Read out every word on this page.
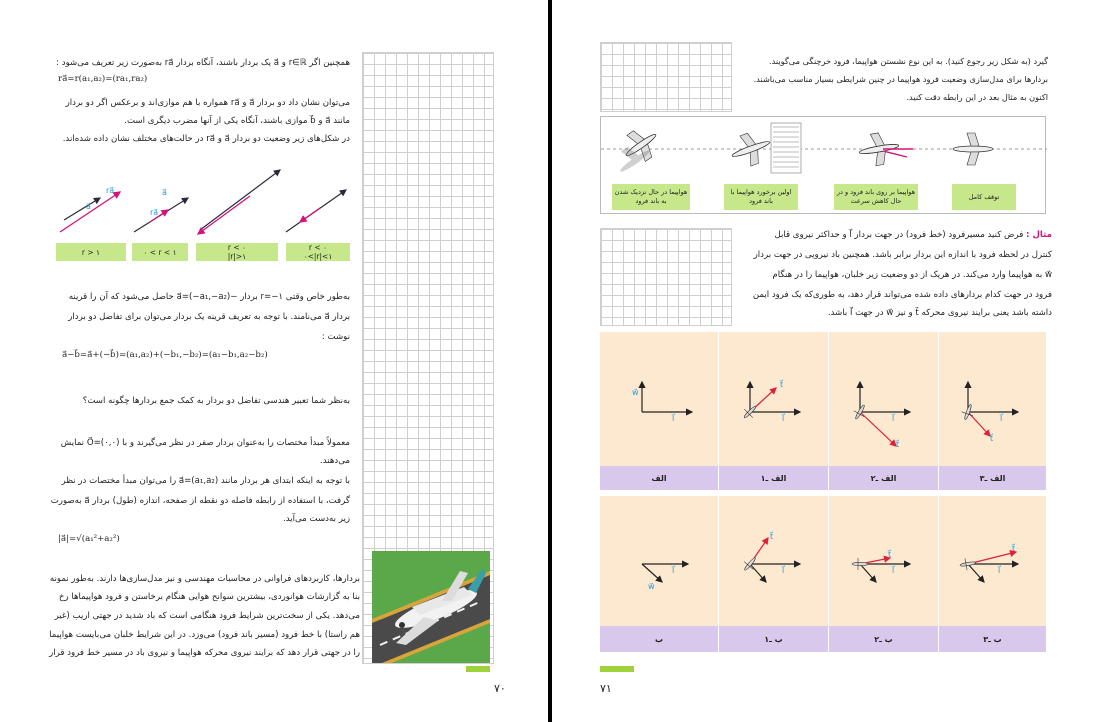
همچنین اگر r∈ℝ و a⃗ یک بردار باشند، آنگاه بردار ra⃗ به‌صورت زیر تعریف می‌شود :
ra⃗=r(a₁,a₂)=(ra₁,ra₂)
می‌توان نشان داد دو بردار a⃗ و ra⃗ همواره با هم موازی‌اند و برعکس اگر دو بردار
مانند a⃗ و b⃗ موازی باشند، آنگاه یکی از آنها مضرب دیگری است.
در شکل‌های زیر وضعیت دو بردار a⃗ و ra⃗ در حالت‌های مختلف نشان داده شده‌اند.
a⃗
ra⃗
ra⃗
a⃗
r > ۱	۰ < r < ۱	r < ۰
|r|>۱
r < ۰
۰<|r|<۱
به‌طور خاص وقتی r=−۱ بردار −a⃗=(−a₁,−a₂) حاصل می‌شود که آن را قرینه
بردار a⃗ می‌نامند. با توجه به تعریف قرینه یک بردار می‌توان برای تفاضل دو بردار
نوشت :
a⃗−b⃗=a⃗+(−b⃗)=(a₁,a₂)+(−b₁,−b₂)=(a₁−b₁,a₂−b₂)
به‌نظر شما تعبیر هندسی تفاضل دو بردار به کمک جمع بردارها چگونه است؟
معمولاً مبدأ مختصات را به‌عنوان بردار صفر در نظر می‌گیرند و با O⃗=(۰,۰) نمایش
می‌دهند.
با توجه به اینکه ابتدای هر بردار مانند a⃗=(a₁,a₂) را می‌توان مبدأ مختصات در نظر
گرفت، با استفاده از رابطه فاصله دو نقطه از صفحه، اندازه (طول) بردار a⃗ به‌صورت
زیر به‌دست می‌آید.
|a⃗|=√(a₁²+a₂²)
بردارها، کاربردهای فراوانی در محاسبات مهندسی و نیز مدل‌سازی‌ها دارند. به‌طور نمونه
بنا به گزارشات هوانوردی، بیشترین سوانح هوایی هنگام برخاستن و فرود هواپیماها رخ
می‌دهد. یکی از سخت‌ترین شرایط فرود هنگامی است که باد شدید در جهتی اریب (غیر
هم راستا) با خط فرود (مسیر باند فرود) می‌وزد. در این شرایط خلبان می‌بایست هواپیما
را در جهتی قرار دهد که برایند نیروی محرکه هواپیما و نیروی باد در مسیر خط فرود قرار
۷۰
گیرد (به شکل زیر رجوع کنید). به این نوع نشستن هواپیما، فرود خرچنگی می‌گویند.
بردارها برای مدل‌سازی وضعیت فرود هواپیما در چنین شرایطی بسیار مناسب می‌باشند.
اکنون به مثال بعد در این رابطه دقت کنید.
توقف کامل
هواپیما بر روی باند فرود و در حال کاهش سرعت
اولین برخورد هواپیما با باند فرود
هواپیما در حال نزدیک شدن به باند فرود
مثال : فرض کنید مسیرفرود (خط فرود) در جهت بردار l⃗ و حداکثر نیروی قابل
کنترل در لحظه فرود با اندازه این بردار برابر باشد. همچنین باد نیرویی در جهت بردار
w⃗ به هواپیما وارد می‌کند. در هریک از دو وضعیت زیر خلبان، هواپیما را در هنگام
فرود در جهت کدام بردارهای داده شده می‌تواند قرار دهد، به طوری‌که یک فرود ایمن
داشته باشد یعنی برایند نیروی محرکه t⃗ و نیز w⃗ در جهت l⃗ باشد.
w⃗
l⃗
t⃗
l⃗	l⃗
t⃗
l⃗
t⃗
l⃗
w⃗
t⃗
l⃗	l⃗
t⃗
l⃗
t⃗
الف ـ۳
الف ـ۲
الف ـ۱
الف
ب ـ۳
ب ـ۲
ب ـ۱
ب
۷۱
